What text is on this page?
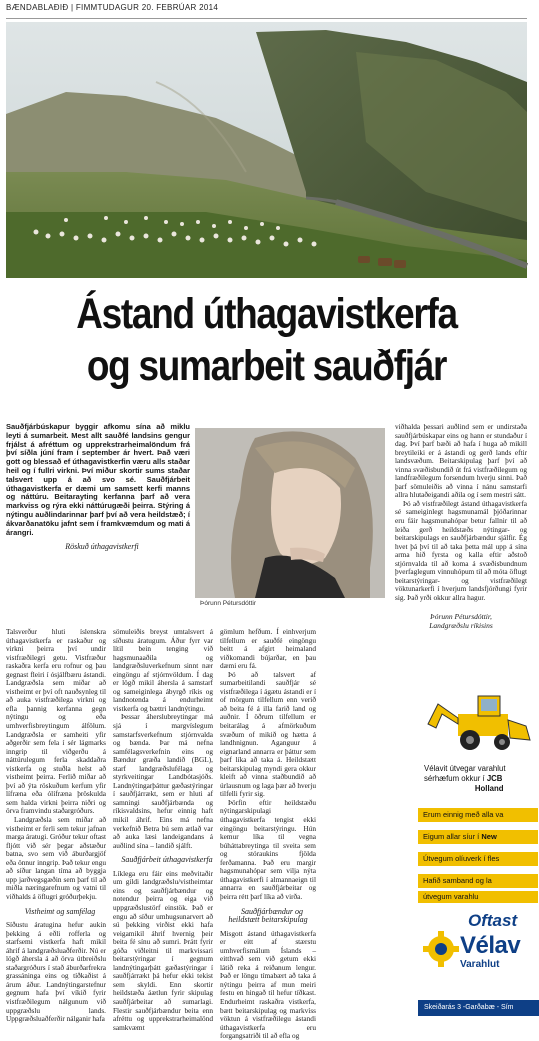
BÆNDABLAÐIÐ | FIMMTUDAGUR 20. FEBRÚAR 2014
Ástand úthagavistkerfa
og sumarbeit sauðfjár

Sauðfjárbúskapur byggir afkomu sína að miklu leyti á sumarbeit. Mest allt sauðfé landsins gengur frjálst á afréttum og upprekstrarheimalöndum frá því síðla júní fram í september ár hvert. Það væri gott og blessað ef úthagavistkerfin væru alls staðar heil og í fullri virkni. Því miður skortir sums staðar talsvert upp á að svo sé. Sauðfjárbeit úthagavistkerfa er dæmi um samsett kerfi manns og náttúru. Beitarayting kerfanna þarf að vera markviss og rýra ekki náttúrugæði þeirra. Stýring á nýtingu auðlindarinnar þarf því að vera heildstæð; í ákvarðanatöku jafnt sem í framkvæmdum og mati á árangri.

Röskuð úthagavistkerfi

Þórunn Pétursdóttir

Talsverður hluti íslenskra úthagavistkerfa er raskaður og virkni þeirra því undir vistfræðilegri getu. Vistfræður raskaðra kerfa eru rofnur og þau gegnast fleiri í ósjálfbæru ástandi. Landgræðsla sem miðar að vistheimt er því oft nauðsynleg til að auka vistfræðilega virkni og efla þannig kerfanna gegn nýtingu og eða umhverfisbreytingum álfölum. Landgræðsla er samheiti yfir aðgerðir sem fela í sér lágmarks inngrip til viðgerðu á náttúrulegum ferla skaddaðra vistkerfa og stuðla helst að vistheimt þeirra. Ferlið miðar að því að ýta röskuðum kerfum yfir lífræna eða ólífræna þröskulda sem halda virkni þeirra niðri og örva framvindu staðargróðurs.

Landgræðsla sem miðar að vistheimt er ferli sem tekur jafnan marga áratugi. Gróður tekur oftast fljótt við sér þegar aðstæður batna, svo sem við áburðargjöf eða önnur inngrip. Það tekur engu að síður langan tíma að byggja upp jarðvegsgæðin sem þarf til að miðla næringarefnum og vatni til viðhalds á öflugri gróðurþekju.

Vistheimt og samfélag

Síðustu áratugina hefur aukin þekking á eðli rofferla og starfsemi vistkerfa haft mikil áhrif á landgræðsluaðferðir. Nú er lögð áhersla á að örva útbreiðslu staðargróðurs í stað áburðarfrekra grassáninga eins og tíðkaðist á árum áður. Landnýtingarstefnur gegnum hafa því víkið fyrir vistfræðilegum nálgunum við uppgræðslu lands. Uppgræðsluaðferðir nálganir hafa

sömuleiðis breyst umtalsvert á síðustu áratugum. Áður fyrr var lítil bein tenging við hagsmunaaðila og landgræðsluverkefnum sinnt nær eingöngu af stjórnvöldum. Í dag er lögð mikil áhersla á samstarf og sameiginlega ábyrgð ríkis og landnotenda á endurheimt vistkerfa og bættri landnýtingu.

Þessar áherslubreytingar má sjá í margvíslegum samstarfsverkefnum stjórnvalda og bænda. Þar má nefna samfélagsverkefnin eins og Bændur græða landið (BGL), starf landgræðslufélaga og styrkveitingar Landbótasjóðs. Landnýtingarþáttur gæðastýringar í sauðfjárrækt, sem er hluti af samningi sauðfjárbænda og ríkisvaldsins, hefur einnig haft mikil áhrif. Eins má nefna verkefnið Betra bú sem ætlað var að auka læsi landeigandans á auðlind sína – landið sjálft.

Sauðfjárbeit úthagavistkerfa

Líklega eru fáir eins meðvitaðir um gildi landgræðslu/vistheimtar eins og sauðfjárbændur og notendur þeirra og eiga við uppgræðslustörf einstök. Það er engu að síður umhugsunarvert að sú þekking virðist ekki hafa veigamikil áhrif hvernig þeir beita fé sínu að sumri. Þrátt fyrir góða viðleitni til markvissari beitarstýringar í gegnum landnýtingarþátt gæðastýringar í sauðfjárrækt þá hefur ekki tekist sem skyldi. Enn skortir heildstæða áætlun fyrir skipulag sauðfjárbeitar að sumarlagi. Flestir sauðfjárbændur beita enn afréttu og upprekstrarheimalönd samkvæmt

gömlum hefðum. Í einhverjum tilfellum er sauðfé eingöngu beitt á afgirt heimaland viðkomandi bújarðar, en þau dæmi eru fá.

Þó að talsvert af sumarbeitilandi sauðfjár sé vistfræðilega í ágætu ástandi er í of mörgum tilfellum enn verið að beita fé á illa farið land og auðnir. Í öðrum tilfellum er beitarálag á afmörkuðum svæðum of mikið og hætta á landhnignun. Aganguur á eignarland annarra er þáttur sem þarf líka að taka á. Heildstætt beitarskipulag myndi gera okkur kleift að vinna staðbundið að úrlausnum og laga þær að hverju tilfelli fyrir sig.

Þörfin eftir heildstæðu nýtingarskipulagi úthagavistkerfa tengist ekki eingöngu beitarstýringu. Hún kemur líka til vegna búháttabreytinga til sveita sem og stóraukins fjölda ferðamanna. Það eru margir hagsmunahópar sem vilja nýta úthagavistkerfi í almannaeign til annarra en sauðfjárbeitar og þeirra rétt þarf líka að virða.

Sauðfjárbændur og heildstætt beitarskipulag

Misgott ástand úthagavistkerfa er eitt af stærstu umhverfismálum Íslands – eitthvað sem við getum ekki látið reka á reiðanum lengur. Það er löngu tímabært að taka á nýtingu þeirra af mun meiri festu en hingað til hefur tíðkast. Endurheimt raskaðra vistkerfa, bætt beitarskipulag og markvíss vöktun á vistfræðilegu ástandi úthagavistkerfa eru forgangsatriði til að efla og

viðhalda þessari auðlind sem er undirstaða sauðfjárbúskapar eins og hann er stundaður í dag. Því þarf bæði að hafa í huga að mikill breytileiki er á ástandi og gerð lands eftir landsvæðum. Beitarskipulag þarf því að vinna svæðisbundið út frá vistfræðilegum og landfræðilegum forsendum hverju sinni. Það þarf sömuleiðis að vinna í nánu samstarfi allra hlutaðeigandi aðila og í sem mestri sátt.

Þó að vistfræðilegt ástand úthagavistkerfa sé sameiginlegt hagsmunamál þjóðarinnar eru fáir hagsmunahópar betur fallnir til að leiða gerð heildstæðs nýtingar- og beitarskipulags en sauðfjárbændur sjálfir. Ég hvet þá því til að taka þetta mál upp á sína arma hið fyrsta og kalla eftir aðstoð stjórnvalda til að koma á svæðisbundnum þverfaglegum vinnuhópum til að móta öflugt beitarstýringar- og vistfræðilegt vöktunarkerfi í hverjum landsfjórðungi fyrir sig. Það yrði okkur allra hagur.

Þórunn Pétursdóttir,
Landgræðslu ríkisins
Vélavit útvegar varahlut
sérhæfum okkur í JCB
Holland
Erum einnig með alla va
Eigum allar síur í New
Útvegum olíuverk í fles
Hafið samband og la
útvegum varahlu
Oftast
Vélav
Varahlut
Skeiðarás 3 -Garðabæ - Sím
